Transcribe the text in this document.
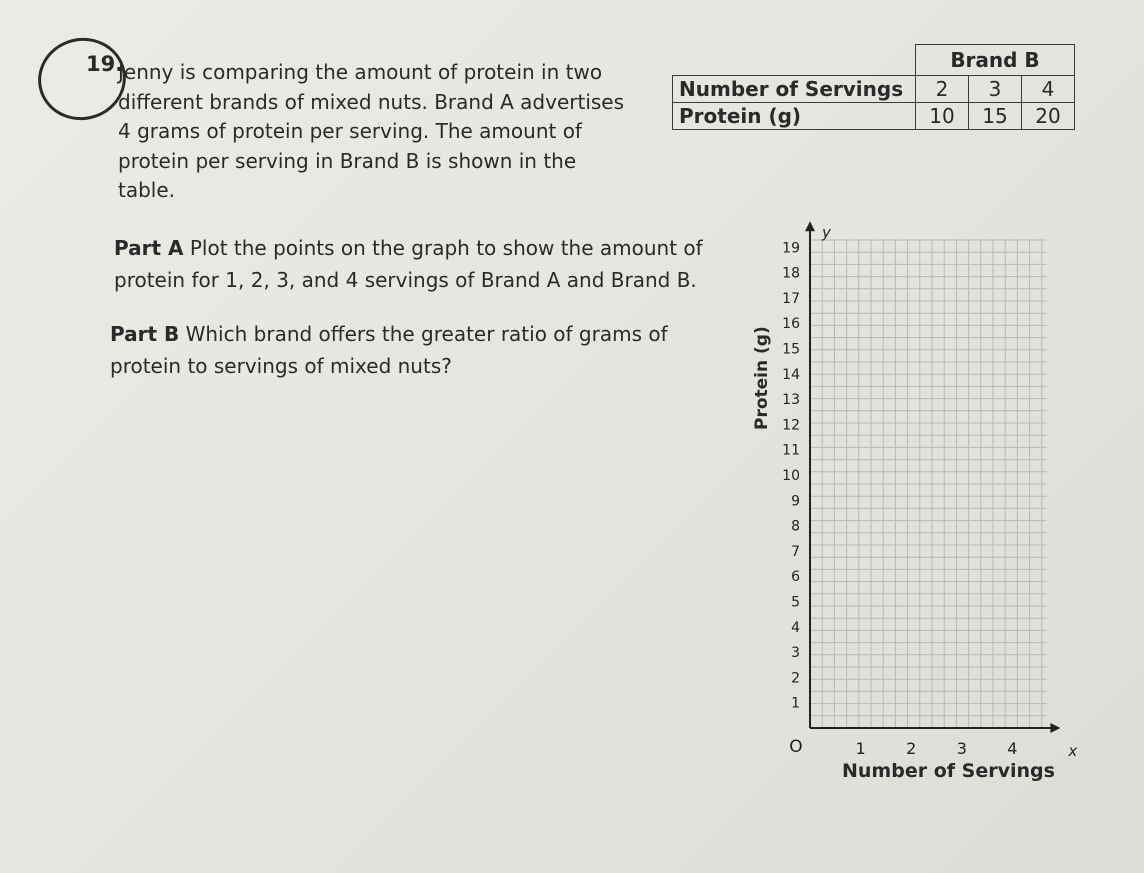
19.
Jenny is comparing the amount of protein in two
different brands of mixed nuts. Brand A advertises
4 grams of protein per serving. The amount of
protein per serving in Brand B is shown in the
table.
	Brand B		
Number of Servings	2	3	4
Protein (g)	10	15	20
Part A Plot the points on the graph to show the amount of
protein for 1, 2, 3, and 4 servings of Brand A and Brand B.
Part B Which brand offers the greater ratio of grams of
protein to servings of mixed nuts?	Protein (g)
Number of Servings
1
2
3
4
5
6
7
8
9
10
11
12
13
14
15
16
17
18
19
1	2	3	4
y
x
O
